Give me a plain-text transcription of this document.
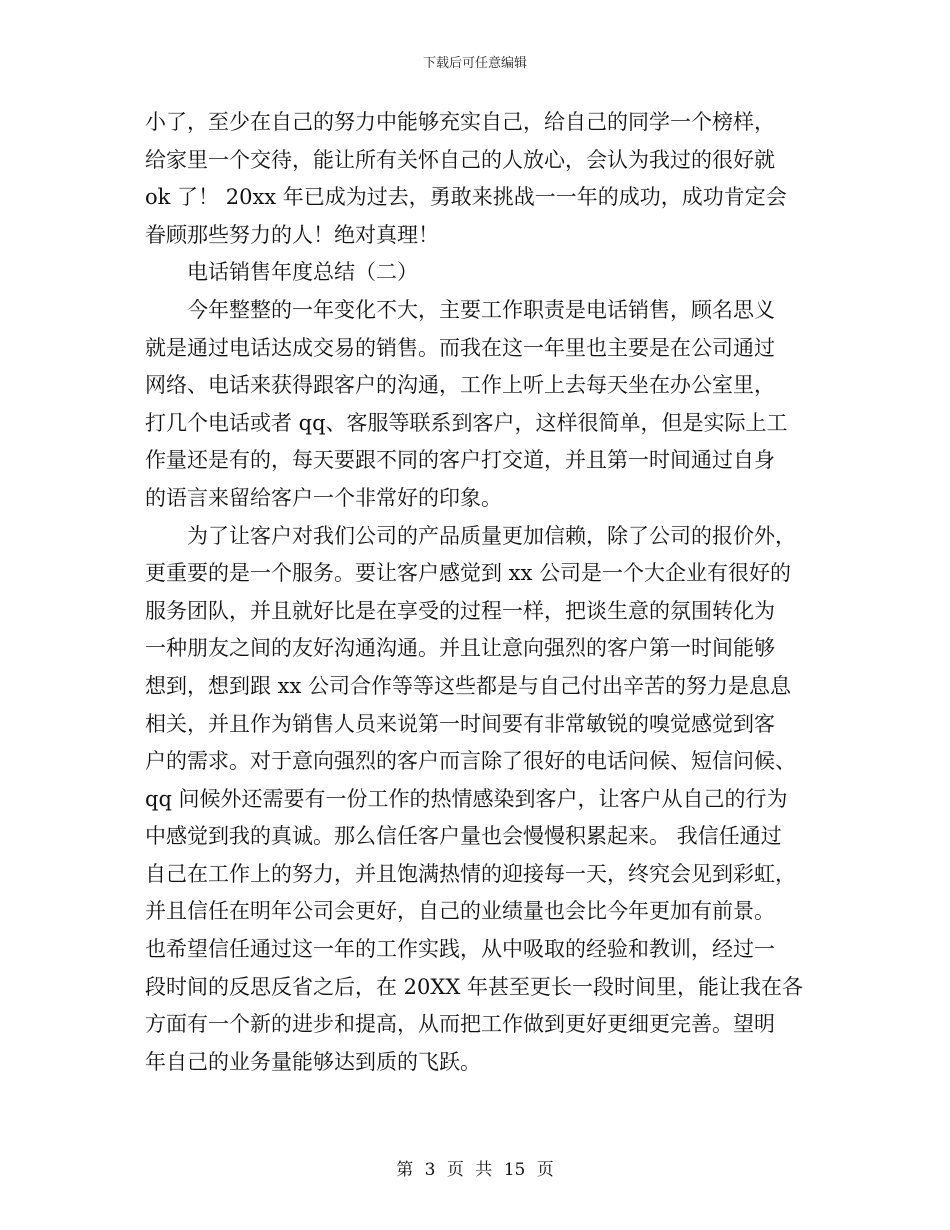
下载后可任意编辑
小了，至少在自己的努力中能够充实自己，给自己的同学一个榜样，
给家里一个交待，能让所有关怀自己的人放心，会认为我过的很好就
ok 了！ 20xx 年已成为过去，勇敢来挑战一一年的成功，成功肯定会
眷顾那些努力的人！绝对真理！
电话销售年度总结（二）
今年整整的一年变化不大，主要工作职责是电话销售，顾名思义
就是通过电话达成交易的销售。而我在这一年里也主要是在公司通过
网络、电话来获得跟客户的沟通，工作上听上去每天坐在办公室里，
打几个电话或者 qq、客服等联系到客户，这样很简单，但是实际上工
作量还是有的，每天要跟不同的客户打交道，并且第一时间通过自身
的语言来留给客户一个非常好的印象。
为了让客户对我们公司的产品质量更加信赖，除了公司的报价外，
更重要的是一个服务。要让客户感觉到 xx 公司是一个大企业有很好的
服务团队，并且就好比是在享受的过程一样，把谈生意的氛围转化为
一种朋友之间的友好沟通沟通。并且让意向强烈的客户第一时间能够
想到，想到跟 xx 公司合作等等这些都是与自己付出辛苦的努力是息息
相关，并且作为销售人员来说第一时间要有非常敏锐的嗅觉感觉到客
户的需求。对于意向强烈的客户而言除了很好的电话问候、短信问候、
qq 问候外还需要有一份工作的热情感染到客户，让客户从自己的行为
中感觉到我的真诚。那么信任客户量也会慢慢积累起来。 我信任通过
自己在工作上的努力，并且饱满热情的迎接每一天，终究会见到彩虹，
并且信任在明年公司会更好，自己的业绩量也会比今年更加有前景。
也希望信任通过这一年的工作实践，从中吸取的经验和教训，经过一
段时间的反思反省之后，在 20XX 年甚至更长一段时间里，能让我在各
方面有一个新的进步和提高，从而把工作做到更好更细更完善。望明
年自己的业务量能够达到质的飞跃。
第 3 页 共 15 页
